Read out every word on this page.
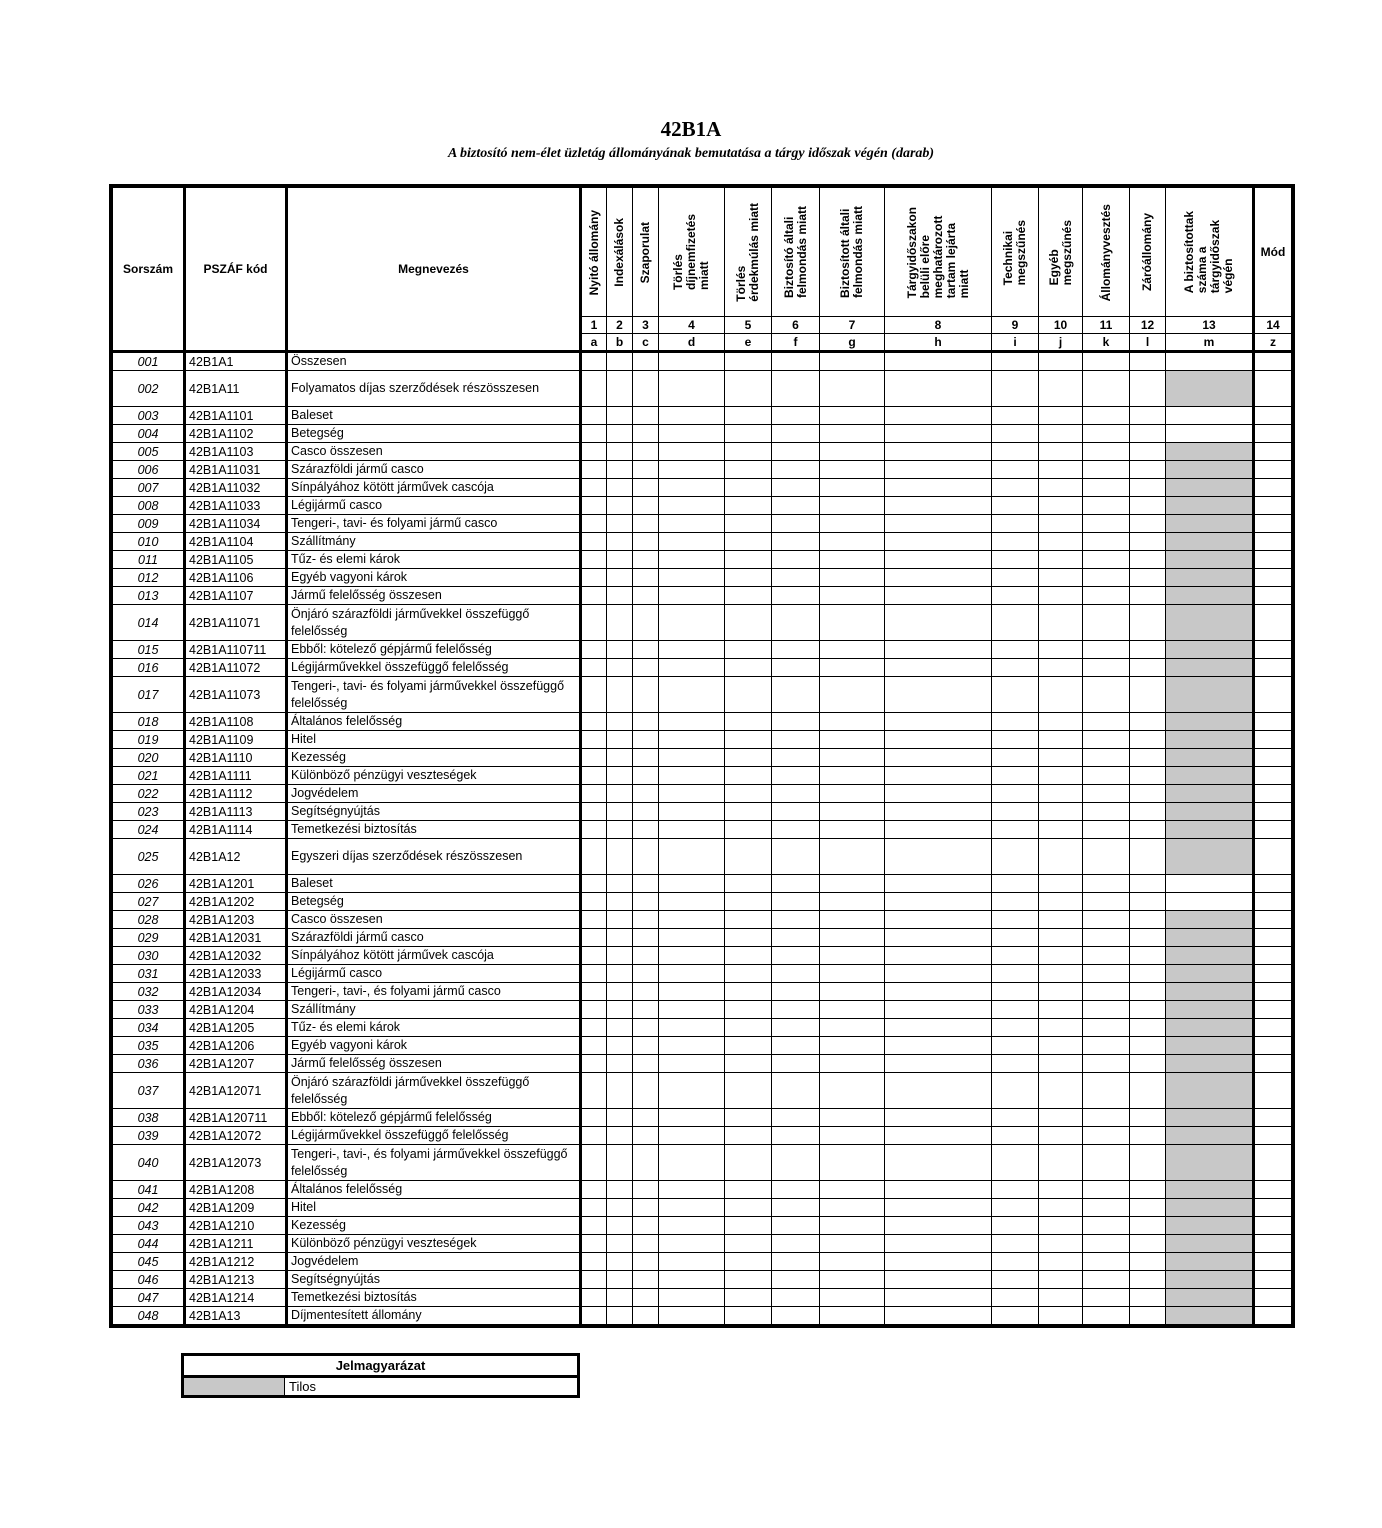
42B1A
A biztosító nem-élet üzletág állományának bemutatása a tárgy időszak végén (darab)
Sorszám	PSZÁF kód	Megnevezés	Nyitó állomány	Indexálások	Szaporulat	Törlés
díjnemfizetés
miatt	Törlés
érdekmúlás miatt	Biztosító általi
felmondás miatt	Biztosított általi
felmondás miatt	Tárgyidőszakon
belüli előre
meghatározott
tartam lejárta
miatt	Technikai
megszűnés	Egyéb
megszűnés	Állományvesztés	Záróállomány	A biztosítottak
száma a
tárgyidőszak
végén	Mód
			1	2	3	4	5	6	7	8	9	10	11	12	13	14
			a	b	c	d	e	f	g	h	i	j	k	l	m	z
001	42B1A1	Összesen														
002	42B1A11	Folyamatos díjas szerződések részösszesen														
003	42B1A1101	Baleset														
004	42B1A1102	Betegség														
005	42B1A1103	Casco összesen														
006	42B1A11031	Szárazföldi jármű casco														
007	42B1A11032	Sínpályához kötött járművek cascója														
008	42B1A11033	Légijármű casco														
009	42B1A11034	Tengeri-, tavi- és folyami jármű casco														
010	42B1A1104	Szállítmány														
011	42B1A1105	Tűz- és elemi károk														
012	42B1A1106	Egyéb vagyoni károk														
013	42B1A1107	Jármű felelősség összesen														
014	42B1A11071	Önjáró szárazföldi járművekkel összefüggő felelősség														
015	42B1A110711	Ebből: kötelező gépjármű felelősség														
016	42B1A11072	Légijárművekkel összefüggő felelősség														
017	42B1A11073	Tengeri-, tavi- és folyami járművekkel összefüggő felelősség														
018	42B1A1108	Általános felelősség														
019	42B1A1109	Hitel														
020	42B1A1110	Kezesség														
021	42B1A1111	Különböző pénzügyi veszteségek														
022	42B1A1112	Jogvédelem														
023	42B1A1113	Segítségnyújtás														
024	42B1A1114	Temetkezési biztosítás														
025	42B1A12	Egyszeri díjas szerződések részösszesen														
026	42B1A1201	Baleset														
027	42B1A1202	Betegség														
028	42B1A1203	Casco összesen														
029	42B1A12031	Szárazföldi jármű casco														
030	42B1A12032	Sínpályához kötött járművek cascója														
031	42B1A12033	Légijármű casco														
032	42B1A12034	Tengeri-, tavi-, és folyami jármű casco														
033	42B1A1204	Szállítmány														
034	42B1A1205	Tűz- és elemi károk														
035	42B1A1206	Egyéb vagyoni károk														
036	42B1A1207	Jármű felelősség összesen														
037	42B1A12071	Önjáró szárazföldi járművekkel összefüggő felelősség														
038	42B1A120711	Ebből: kötelező gépjármű felelősség														
039	42B1A12072	Légijárművekkel összefüggő felelősség														
040	42B1A12073	Tengeri-, tavi-, és folyami járművekkel összefüggő felelősség														
041	42B1A1208	Általános felelősség														
042	42B1A1209	Hitel														
043	42B1A1210	Kezesség														
044	42B1A1211	Különböző pénzügyi veszteségek														
045	42B1A1212	Jogvédelem														
046	42B1A1213	Segítségnyújtás														
047	42B1A1214	Temetkezési biztosítás														
048	42B1A13	Díjmentesített állomány														
Jelmagyarázat
Tilos
